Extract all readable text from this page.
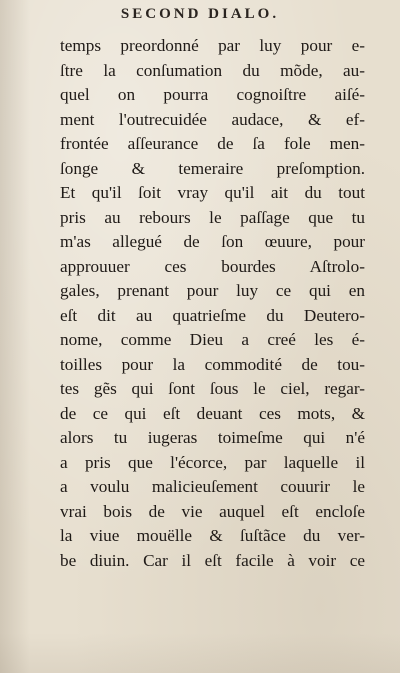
SECOND DIALO.
temps preordonné par luy pour e-
ſtre la conſumation du mõde, au-
quel on pourra cognoiſtre aiſé-
ment l'outrecuidée audace, & ef-
frontée aſſeurance de ſa fole men-
ſonge & temeraire preſomption.
Et qu'il ſoit vray qu'il ait du tout
pris au rebours le paſſage que tu
m'as allegué de ſon œuure, pour
approuuer ces bourdes Aſtrolo-
gales, prenant pour luy ce qui en
eſt dit au quatrieſme du Deutero-
nome, comme Dieu a creé les é-
toilles pour la commodité de tou-
tes gẽs qui ſont ſous le ciel, regar-
de ce qui eſt deuant ces mots, &
alors tu iugeras toimeſme qui n'é
a pris que l'écorce, par laquelle il
a voulu malicieuſement couurir le
vrai bois de vie auquel eſt encloſe
la viue mouëlle & ſuſtãce du ver-
be diuin. Car il eſt facile à voir ce
